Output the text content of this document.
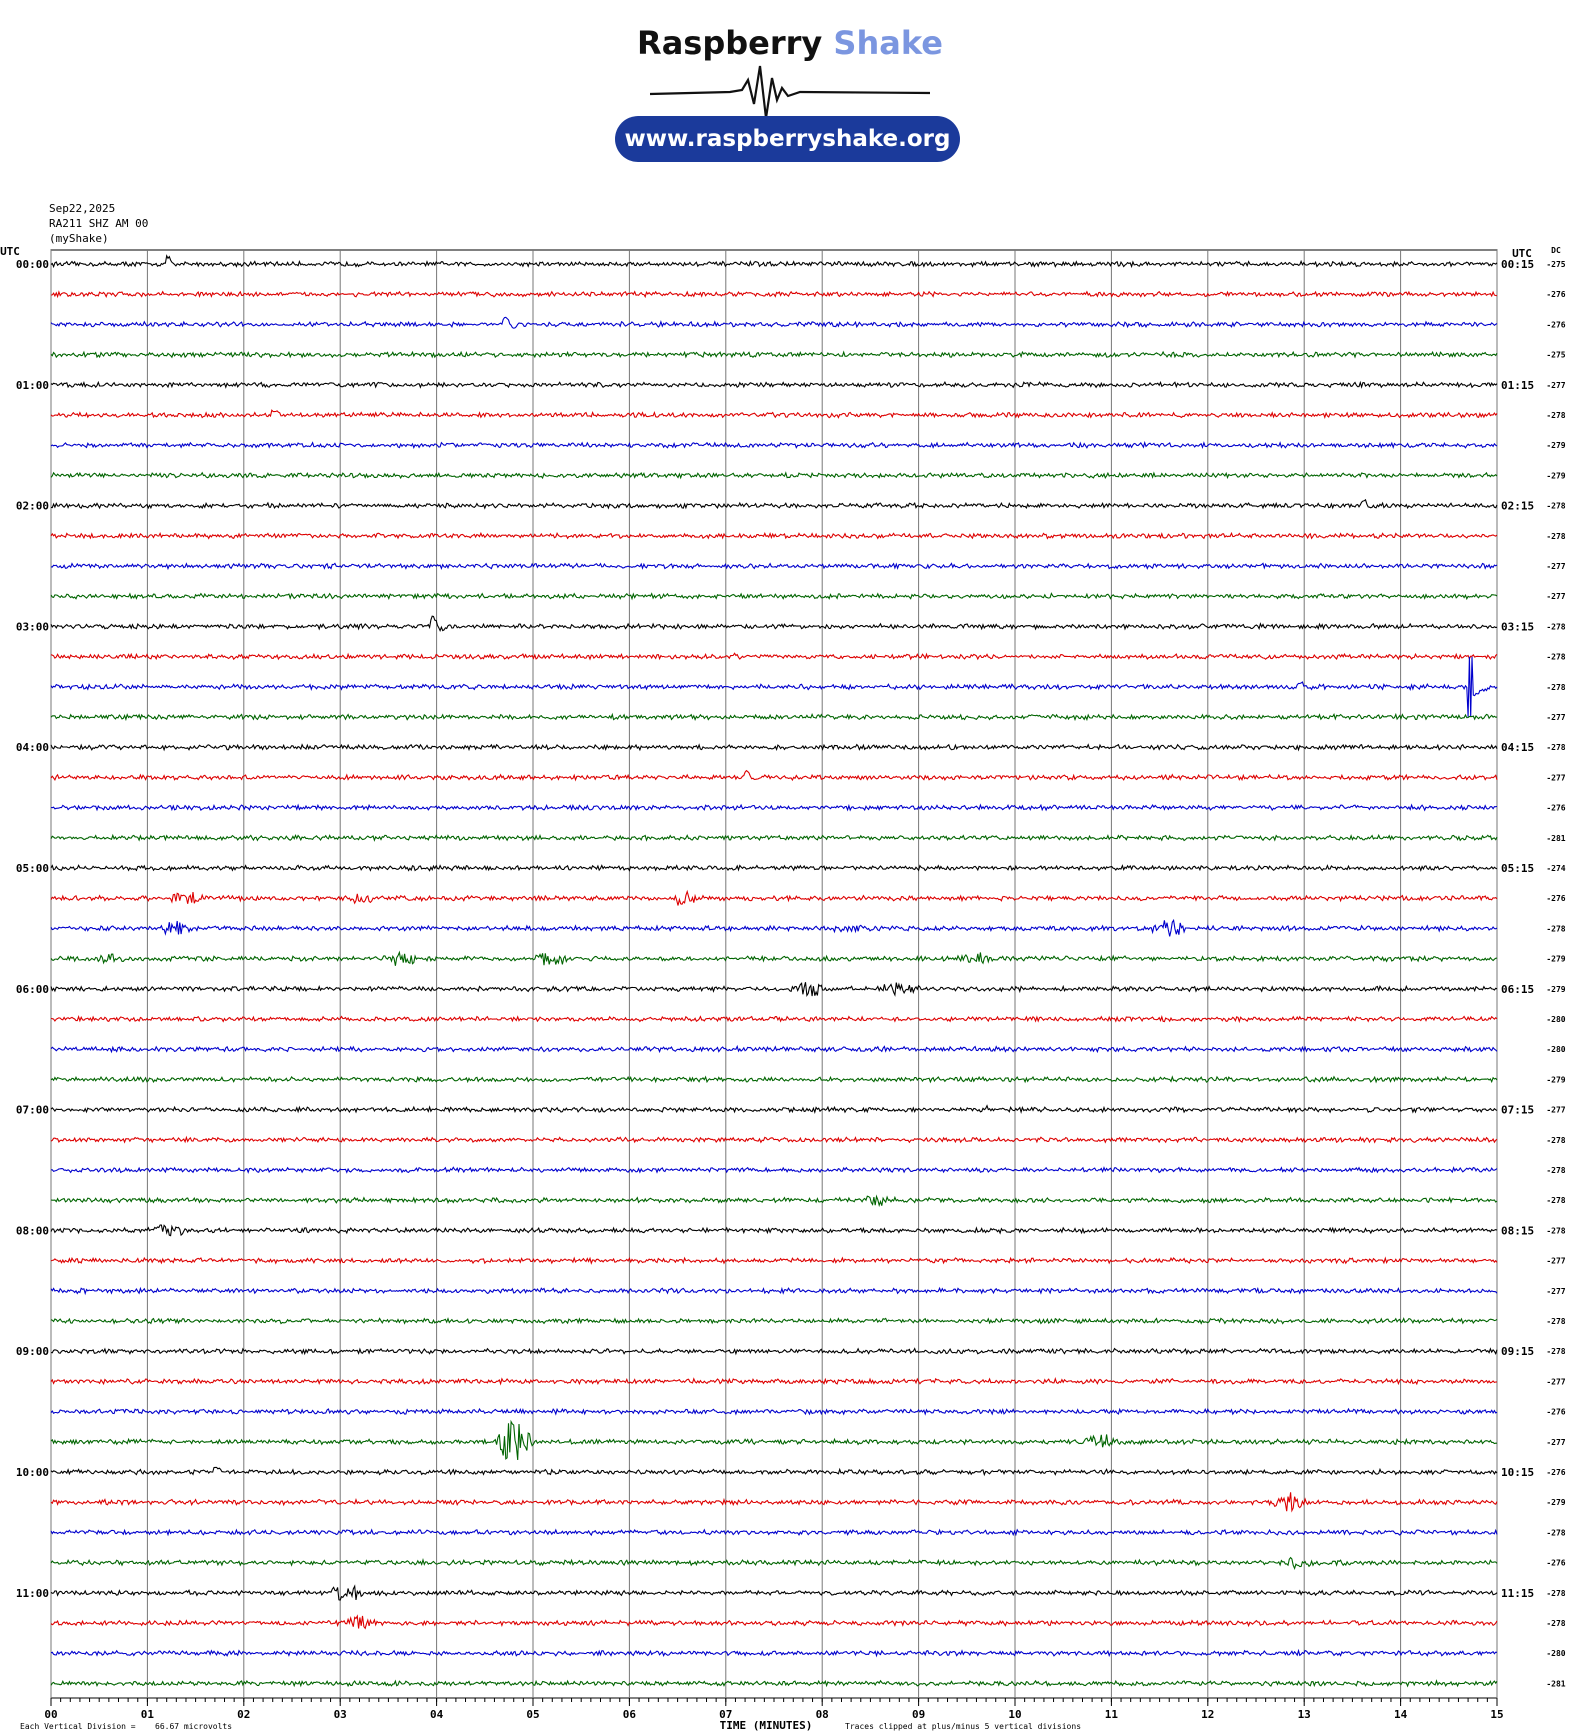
Raspberry Shake
www.raspberryshake.org
Sep22,2025
RA211 SHZ AM 00
(myShake)
00	01	02	03	04	05	06	07	08	09	10	11	12	13	14	15
UTC	UTC DC
-275
-276
-276
-275
-277
-278
-279
-279
-278
-278
-277
-277
-278
-278
-278
-277
-278
-277
-276
-281
-274
-276
-278
-279
-279
-280
-280
-279
-277
-278
-278
-278
-278
-277
-277
-278
-278
-277
-276
-277
-276
-279
-278
-276
-278
-278
-280
-281
00:00
01:00
02:00
03:00
04:00
05:00
06:00
07:00
08:00
09:00
10:00
11:00
00:15
01:15
02:15
03:15
04:15
05:15
06:15
07:15
08:15
09:15
10:15
11:15
Each Vertical Division = 66.67 microvolts	TIME (MINUTES)	Traces clipped at plus/minus 5 vertical divisions
